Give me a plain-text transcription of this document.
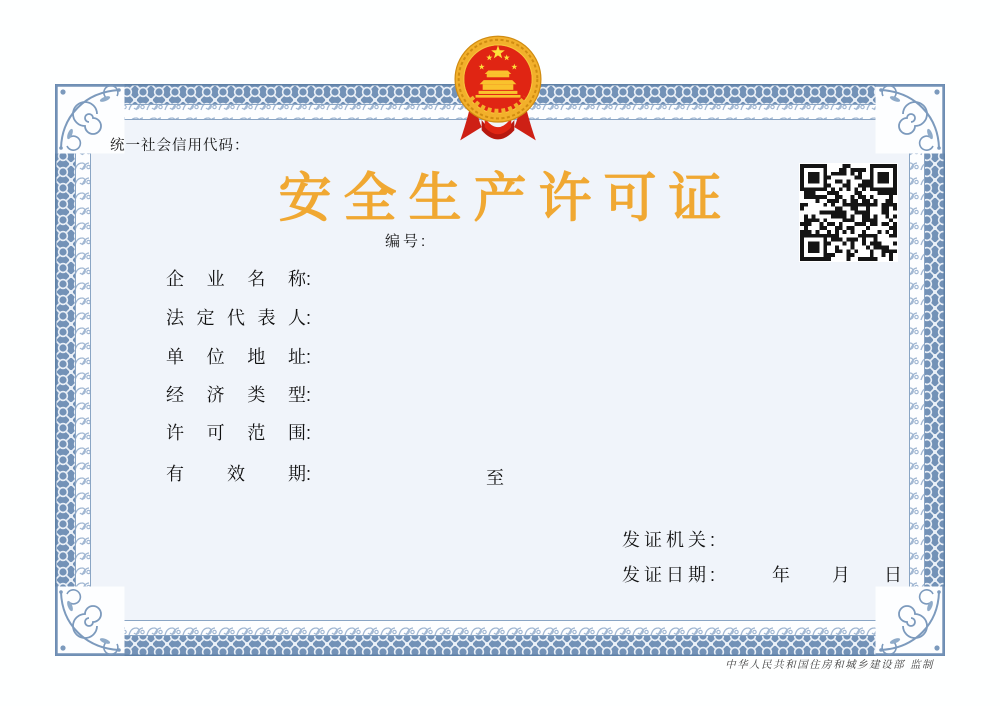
统一社会信用代码：
安全生产许可证
编号:
企业名称:
法定代表人:
单位地址:
经济类型:
许可范围:
有效期:	至
发证机关:
发证日期:	年 月 日
中华人民共和国住房和城乡建设部 监制
